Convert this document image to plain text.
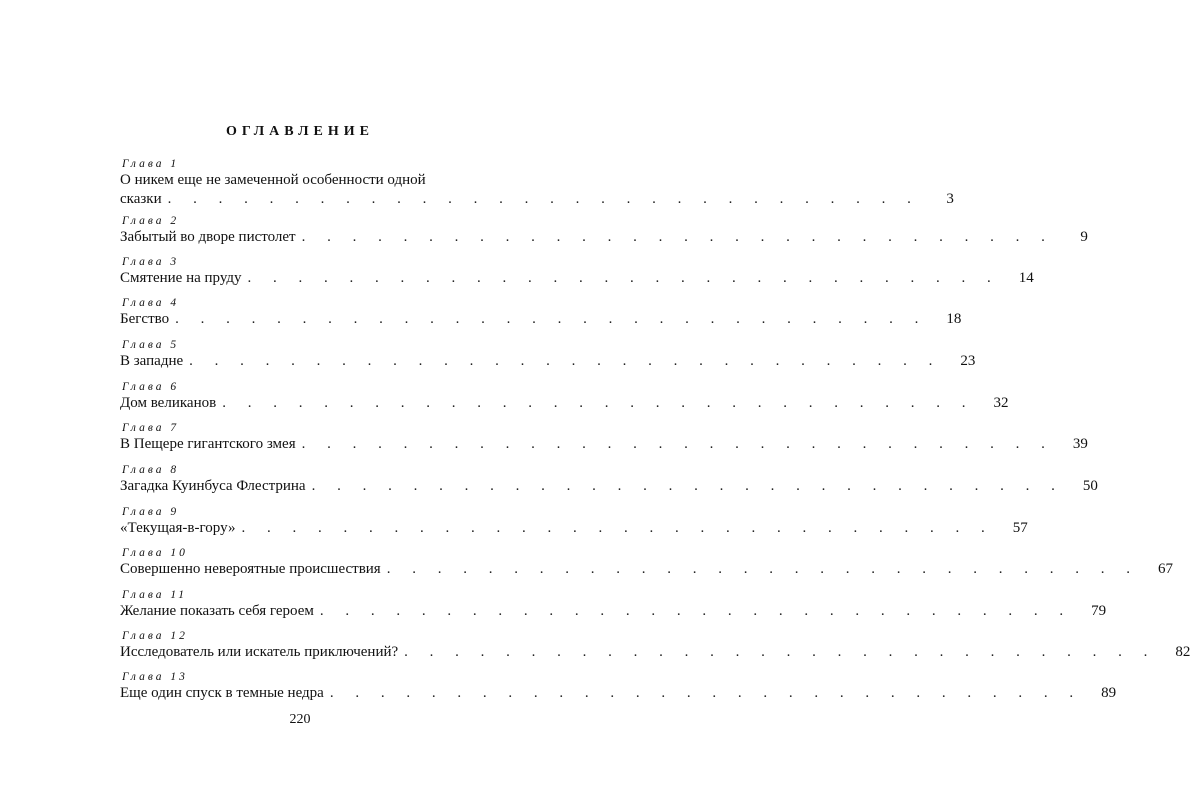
ОГЛАВЛЕНИЕ
Глава 1
О никем еще не замеченной особенности одной
сказки . . . . . . . . . . . . . . . . . . . . . . . . . . . . . .	3
Глава 2
Забытый во дворе пистолет . . . . . . . . . . . . . . . . . . . . . . . . . . . . . .	9
Глава 3
Смятение на пруду . . . . . . . . . . . . . . . . . . . . . . . . . . . . . .	14
Глава 4
Бегство . . . . . . . . . . . . . . . . . . . . . . . . . . . . . .	18
Глава 5
В западне . . . . . . . . . . . . . . . . . . . . . . . . . . . . . .	23
Глава 6
Дом великанов . . . . . . . . . . . . . . . . . . . . . . . . . . . . . .	32
Глава 7
В Пещере гигантского змея . . . . . . . . . . . . . . . . . . . . . . . . . . . . . .	39
Глава 8
Загадка Куинбуса Флестрина . . . . . . . . . . . . . . . . . . . . . . . . . . . . . .	50
Глава 9
«Текущая-в-гору» . . . . . . . . . . . . . . . . . . . . . . . . . . . . . .	57
Глава 10
Совершенно невероятные происшествия . . . . . . . . . . . . . . . . . . . . . . . . . . . . . .	67
Глава 11
Желание показать себя героем . . . . . . . . . . . . . . . . . . . . . . . . . . . . . .	79
Глава 12
Исследователь или искатель приключений? . . . . . . . . . . . . . . . . . . . . . . . . . . . . . .	82
Глава 13
Еще один спуск в темные недра . . . . . . . . . . . . . . . . . . . . . . . . . . . . . .	89
220
